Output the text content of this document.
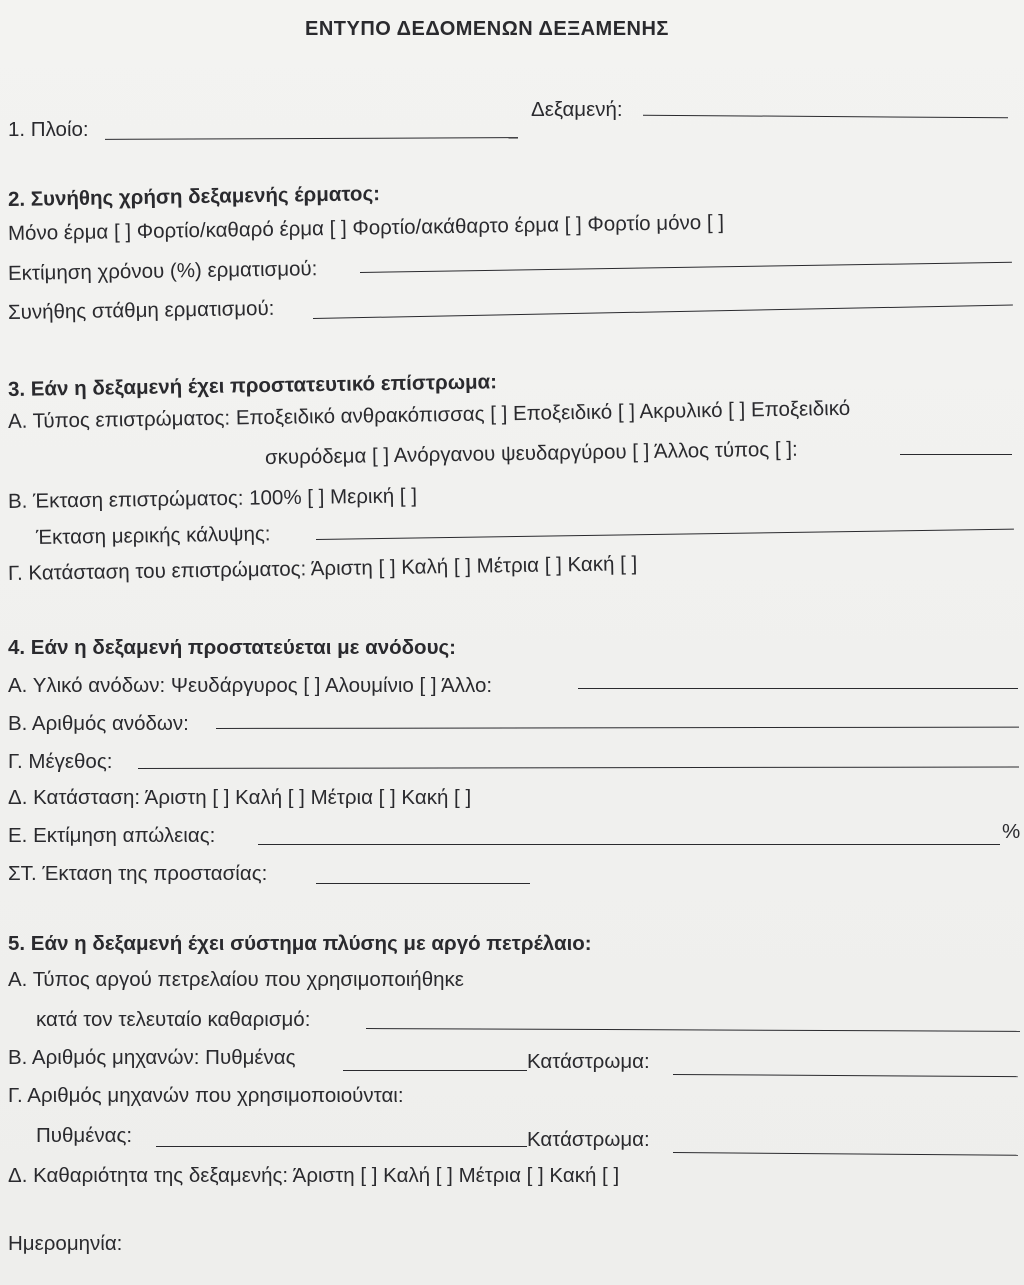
ΕΝΤΥΠΟ ΔΕΔΟΜΕΝΩΝ ΔΕΞΑΜΕΝΗΣ
1. Πλοίο:
Δεξαμενή:
2. Συνήθης χρήση δεξαμενής έρματος:
Μόνο έρμα [ ] Φορτίο/καθαρό έρμα [ ] Φορτίο/ακάθαρτο έρμα [ ] Φορτίο μόνο [ ]
Εκτίμηση χρόνου (%) ερματισμού:
Συνήθης στάθμη ερματισμού:
3. Εάν η δεξαμενή έχει προστατευτικό επίστρωμα:
Α. Τύπος επιστρώματος: Εποξειδικό ανθρακόπισσας [ ] Εποξειδικό [ ] Ακρυλικό [ ] Εποξειδικό
σκυρόδεμα [ ] Ανόργανου ψευδαργύρου [ ] Άλλος τύπος [ ]:
Β. Έκταση επιστρώματος: 100% [ ] Μερική [ ]
Έκταση μερικής κάλυψης:
Γ. Κατάσταση του επιστρώματος: Άριστη [ ] Καλή [ ] Μέτρια [ ] Κακή [ ]
4. Εάν η δεξαμενή προστατεύεται με ανόδους:
Α. Υλικό ανόδων: Ψευδάργυρος [ ] Αλουμίνιο [ ] Άλλο:
Β. Αριθμός ανόδων:
Γ. Μέγεθος:
Δ. Κατάσταση: Άριστη [ ] Καλή [ ] Μέτρια [ ] Κακή [ ]
Ε. Εκτίμηση απώλειας:	%
ΣΤ. Έκταση της προστασίας:
5. Εάν η δεξαμενή έχει σύστημα πλύσης με αργό πετρέλαιο:
Α. Τύπος αργού πετρελαίου που χρησιμοποιήθηκε
κατά τον τελευταίο καθαρισμό:
Β. Αριθμός μηχανών: Πυθμένας	Κατάστρωμα:
Γ. Αριθμός μηχανών που χρησιμοποιούνται:
Πυθμένας:	Κατάστρωμα:
Δ. Καθαριότητα της δεξαμενής: Άριστη [ ] Καλή [ ] Μέτρια [ ] Κακή [ ]
Ημερομηνία:
